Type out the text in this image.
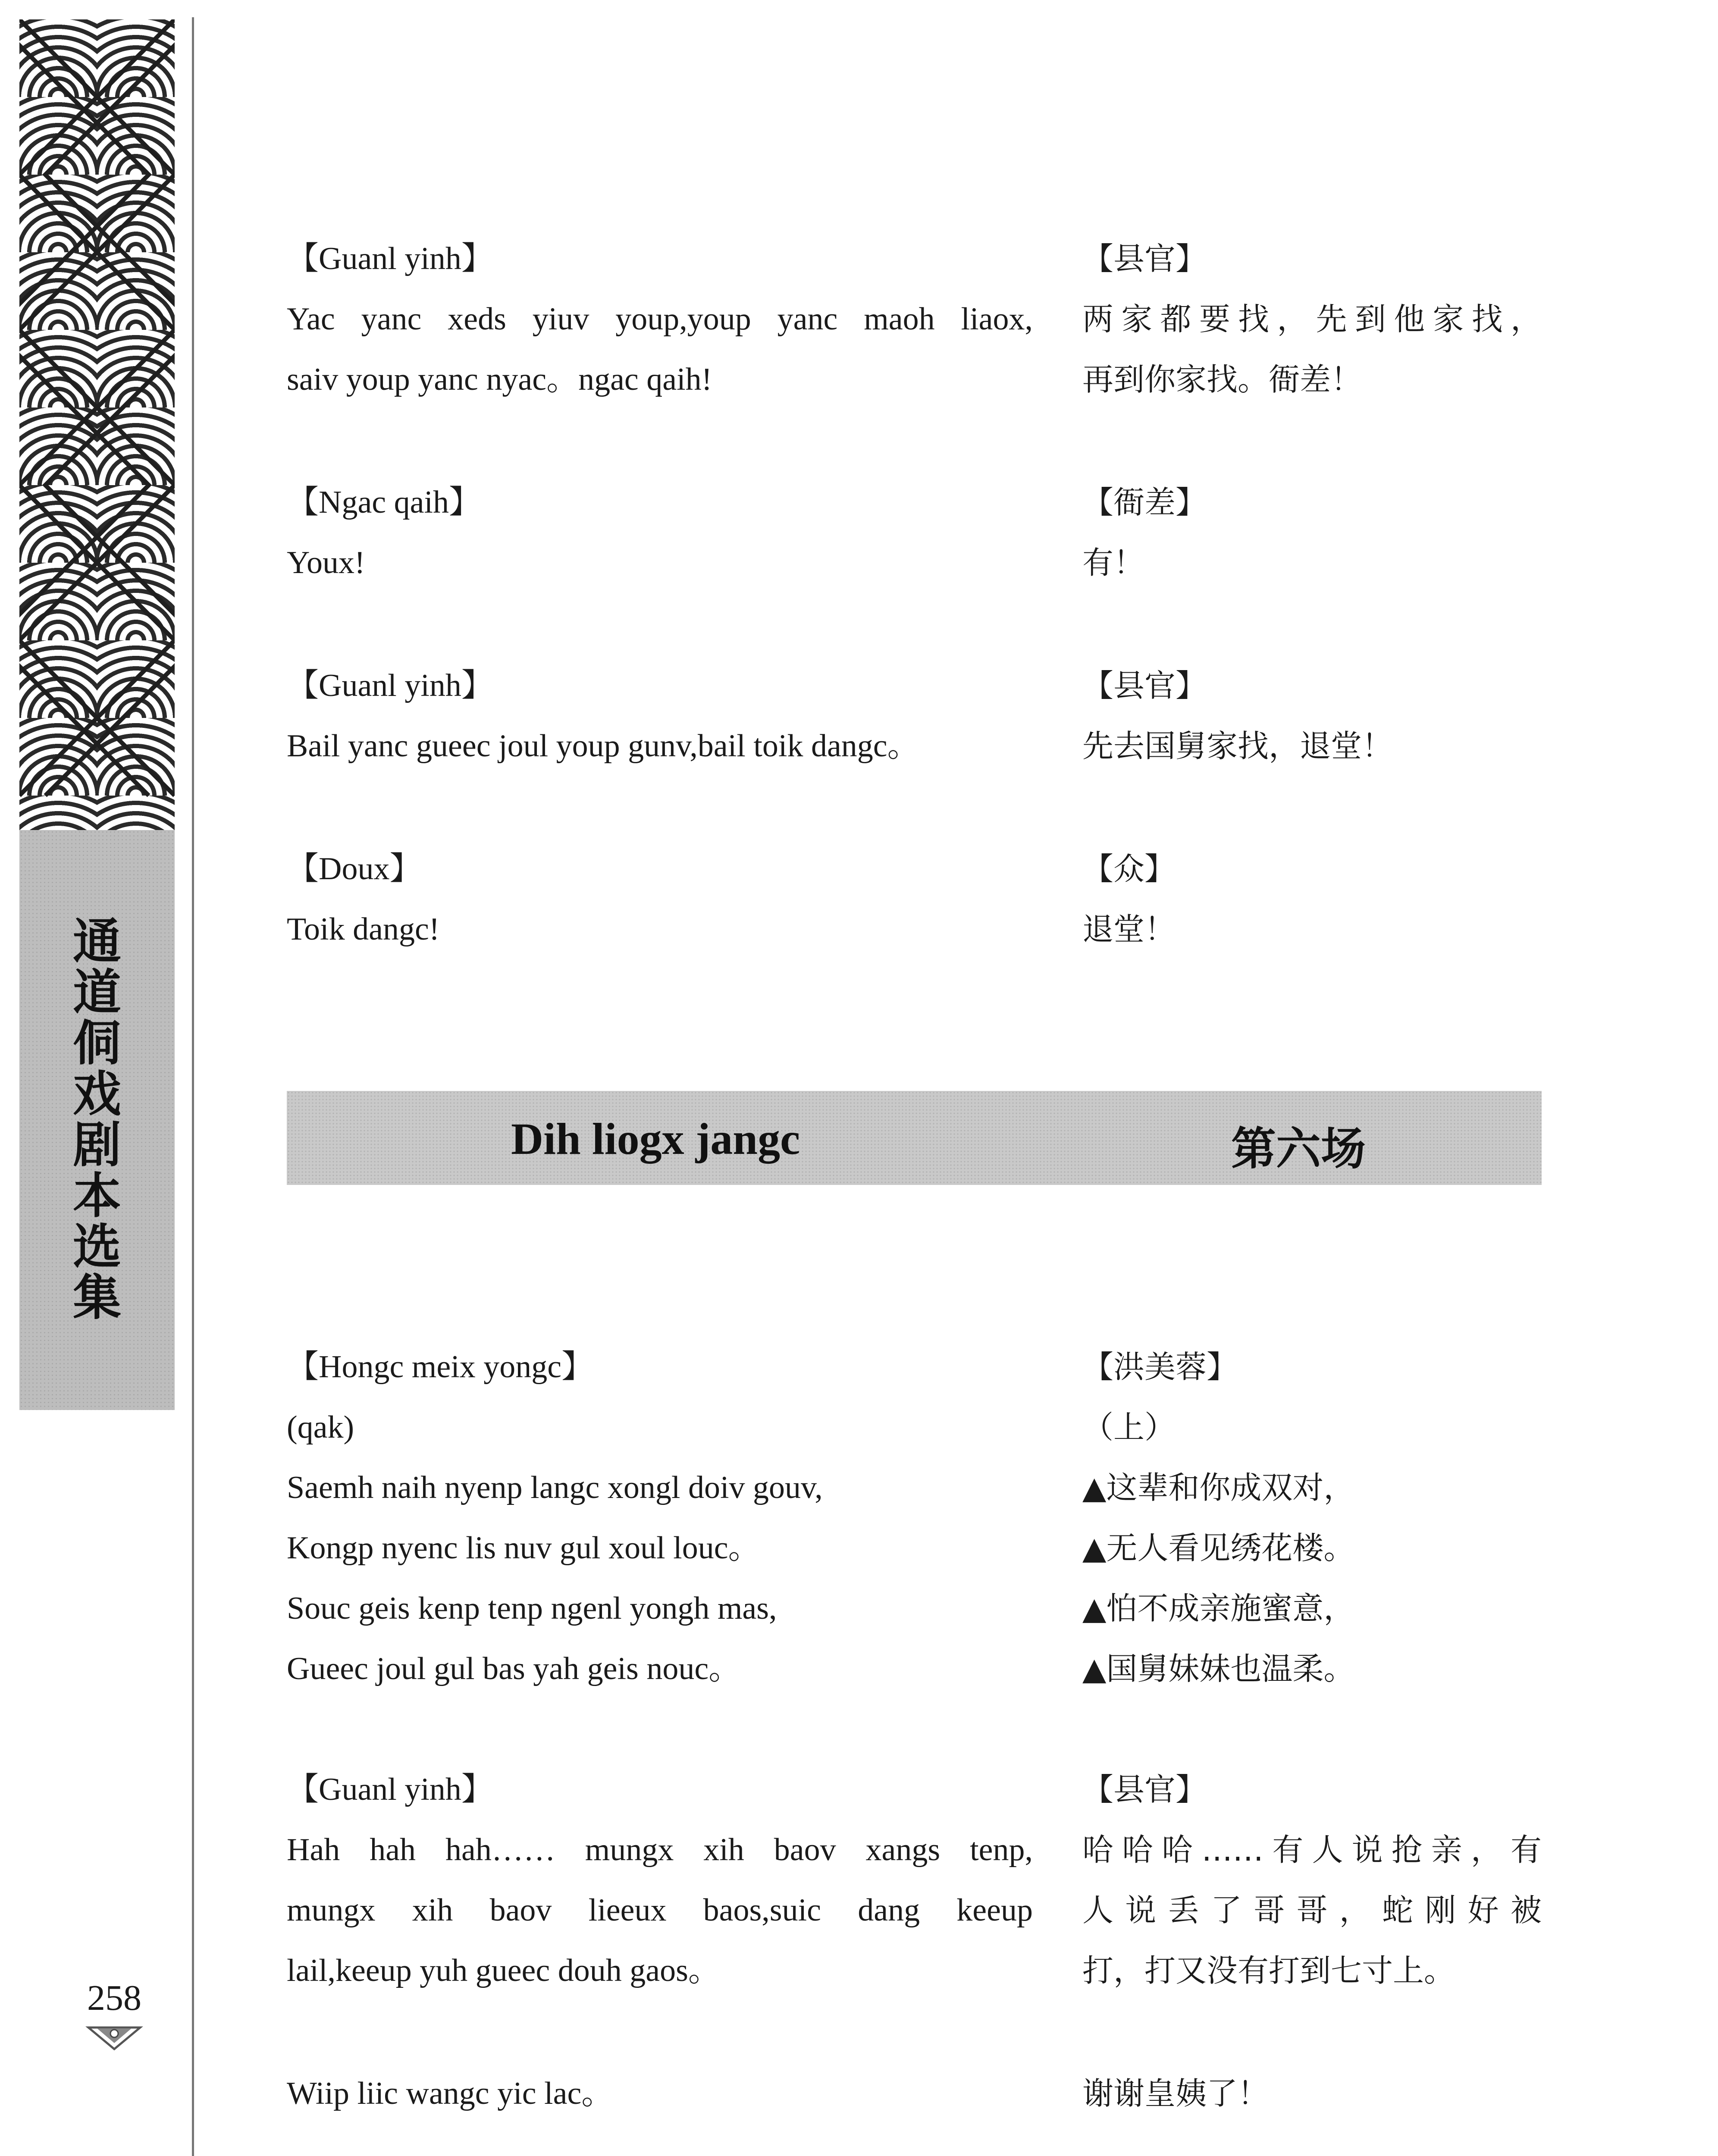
通道侗戏剧本选集
258
【Guanl yinh】	【县官】
Yac yanc xeds yiuv youp,youp yanc maoh liaox, 两家都要找，先到他家找，
saiv youp yanc nyac。ngac qaih!	再到你家找。衙差！
【Ngac qaih】	【衙差】
Youx!	有！
【Guanl yinh】	【县官】
Bail yanc gueec joul youp gunv,bail toik dangc。	先去国舅家找，退堂！
【Doux】	【众】
Toik dangc!	退堂！
Dih liogx jangc	第六场
【Hongc meix yongc】	【洪美蓉】
(qak)	（上）
Saemh naih nyenp langc xongl doiv gouv,	▲这辈和你成双对，
Kongp nyenc lis nuv gul xoul louc。	▲无人看见绣花楼。
Souc geis kenp tenp ngenl yongh mas,	▲怕不成亲施蜜意，
Gueec joul gul bas yah geis nouc。	▲国舅妹妹也温柔。
【Guanl yinh】	【县官】
Hah hah hah…… mungx xih baov xangs tenp, 哈哈哈……有人说抢亲，有
mungx xih baov lieeux baos,suic dang keeup 人说丢了哥哥，蛇刚好被
lail,keeup yuh gueec douh gaos。	打，打又没有打到七寸上。
Wiip liic wangc yic lac。	谢谢皇姨了！
